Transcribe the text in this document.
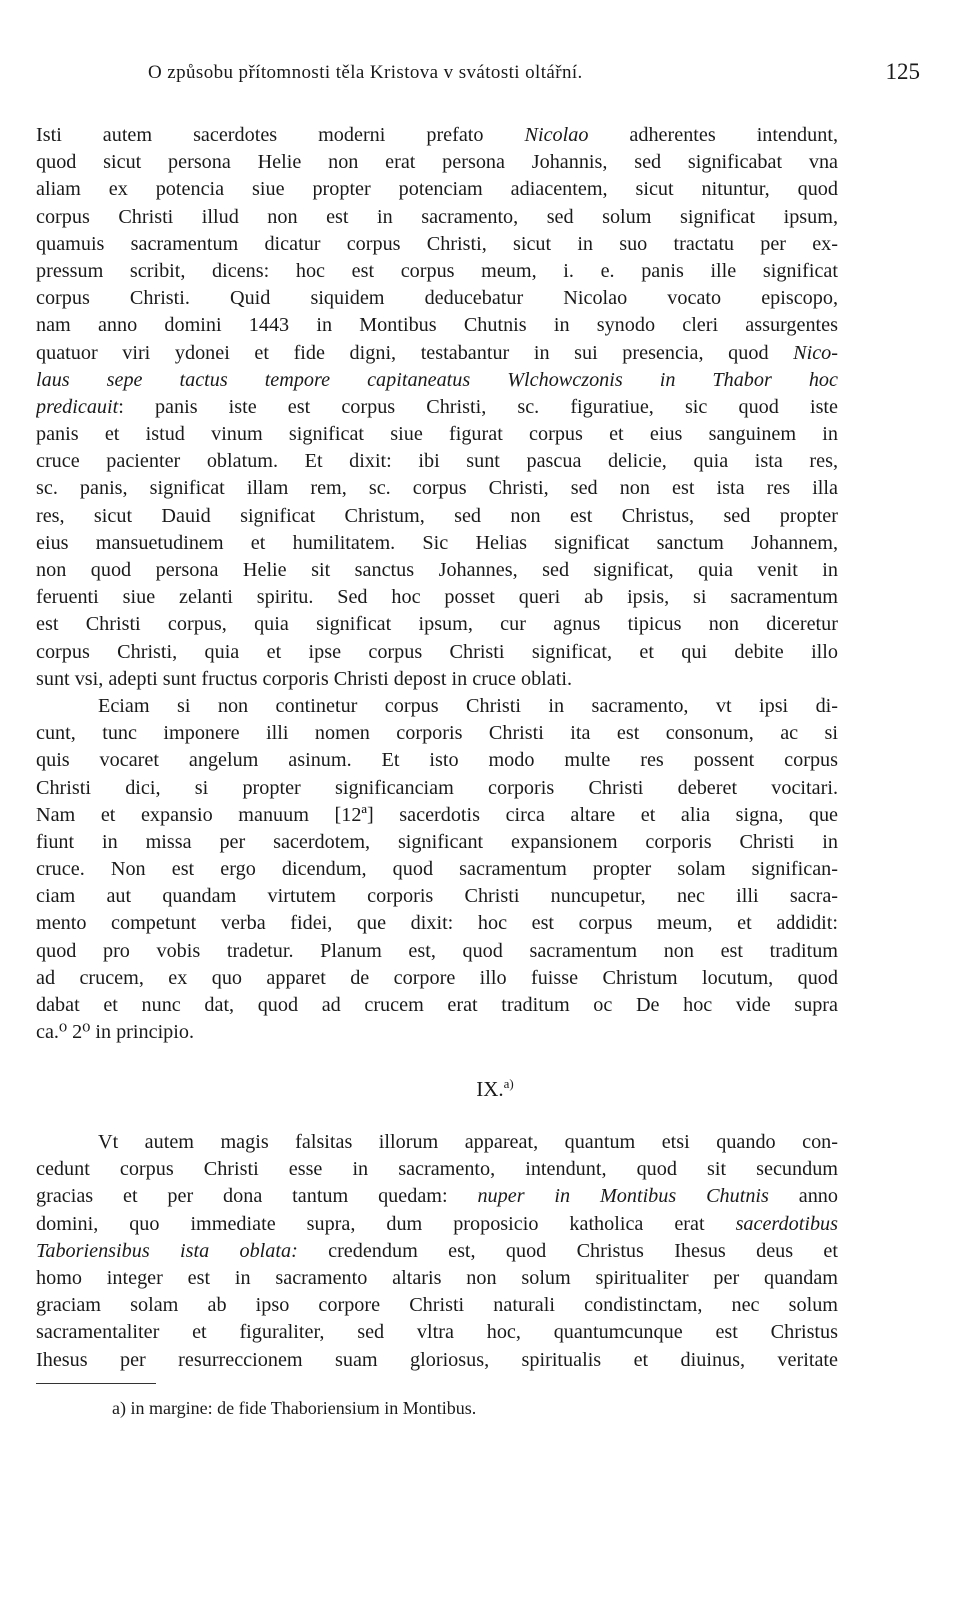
O způsobu přítomnosti těla Kristova v svátosti oltářní.	125
Isti autem sacerdotes moderni prefato Nicolao adherentes intendunt,
quod sicut persona Helie non erat persona Johannis, sed significabat vna
aliam ex potencia siue propter potenciam adiacentem, sicut nituntur, quod
corpus Christi illud non est in sacramento, sed solum significat ipsum,
quamuis sacramentum dicatur corpus Christi, sicut in suo tractatu per ex-
pressum scribit, dicens: hoc est corpus meum, i. e. panis ille significat
corpus Christi. Quid siquidem deducebatur Nicolao vocato episcopo,
nam anno domini 1443 in Montibus Chutnis in synodo cleri assurgentes
quatuor viri ydonei et fide digni, testabantur in sui presencia, quod Nico-
laus sepe tactus tempore capitaneatus Wlchowczonis in Thabor hoc
predicauit: panis iste est corpus Christi, sc. figuratiue, sic quod iste
panis et istud vinum significat siue figurat corpus et eius sanguinem in
cruce pacienter oblatum. Et dixit: ibi sunt pascua delicie, quia ista res,
sc. panis, significat illam rem, sc. corpus Christi, sed non est ista res illa
res, sicut Dauid significat Christum, sed non est Christus, sed propter
eius mansuetudinem et humilitatem. Sic Helias significat sanctum Johannem,
non quod persona Helie sit sanctus Johannes, sed significat, quia venit in
feruenti siue zelanti spiritu. Sed hoc posset queri ab ipsis, si sacramentum
est Christi corpus, quia significat ipsum, cur agnus tipicus non diceretur
corpus Christi, quia et ipse corpus Christi significat, et qui debite illo
sunt vsi, adepti sunt fructus corporis Christi depost in cruce oblati.
Eciam si non continetur corpus Christi in sacramento, vt ipsi di-
cunt, tunc imponere illi nomen corporis Christi ita est consonum, ac si
quis vocaret angelum asinum. Et isto modo multe res possent corpus
Christi dici, si propter significanciam corporis Christi deberet vocitari.
Nam et expansio manuum [12ª] sacerdotis circa altare et alia signa, que
fiunt in missa per sacerdotem, significant expansionem corporis Christi in
cruce. Non est ergo dicendum, quod sacramentum propter solam significan-
ciam aut quandam virtutem corporis Christi nuncupetur, nec illi sacra-
mento competunt verba fidei, que dixit: hoc est corpus meum, et addidit:
quod pro vobis tradetur. Planum est, quod sacramentum non est traditum
ad crucem, ex quo apparet de corpore illo fuisse Christum locutum, quod
dabat et nunc dat, quod ad crucem erat traditum oc De hoc vide supra
ca.⁰ 2⁰ in principio.
IX.$^{a)}$
Vt autem magis falsitas illorum appareat, quantum etsi quando con-
cedunt corpus Christi esse in sacramento, intendunt, quod sit secundum
gracias et per dona tantum quedam: nuper in Montibus Chutnis anno
domini, quo immediate supra, dum proposicio katholica erat sacerdotibus
Taboriensibus ista oblata: credendum est, quod Christus Ihesus deus et
homo integer est in sacramento altaris non solum spiritualiter per quandam
graciam solam ab ipso corpore Christi naturali condistinctam, nec solum
sacramentaliter et figuraliter, sed vltra hoc, quantumcunque est Christus
Ihesus per resurreccionem suam gloriosus, spiritualis et diuinus, veritate
a) in margine: de fide Thaboriensium in Montibus.
